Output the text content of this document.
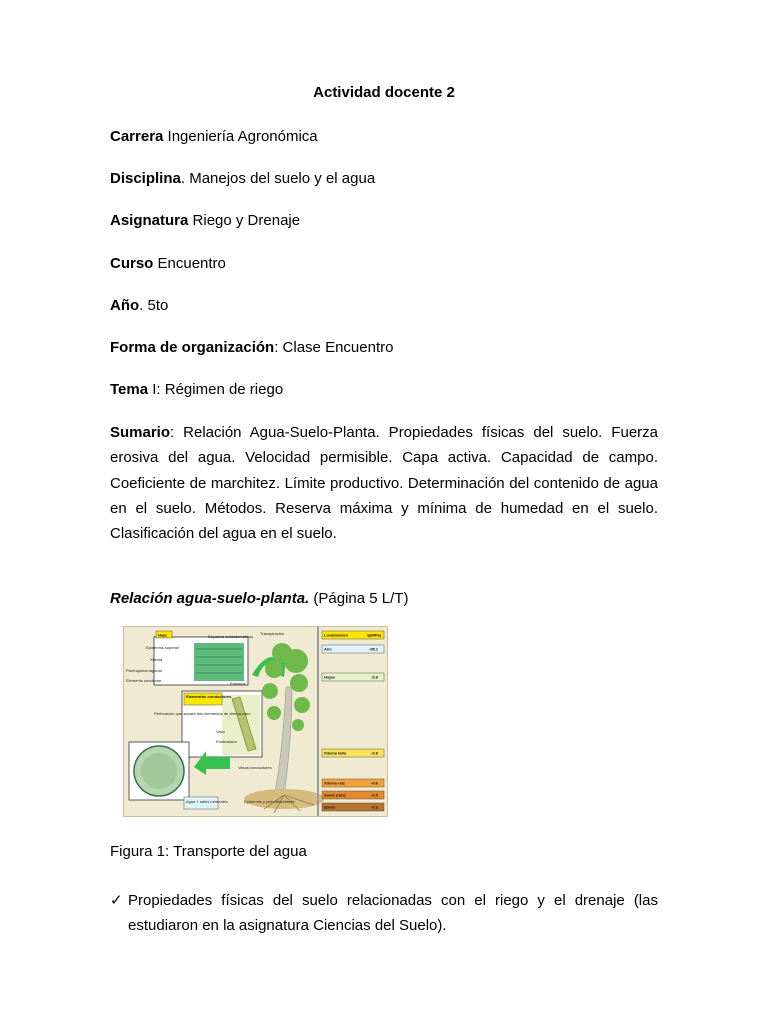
Actividad docente 2
Carrera Ingeniería Agronómica
Disciplina. Manejos del suelo y el agua
Asignatura Riego y Drenaje
Curso Encuentro
Año. 5to
Forma de organización: Clase Encuentro
Tema I: Régimen de riego
Sumario: Relación Agua-Suelo-Planta. Propiedades físicas del suelo. Fuerza erosiva del agua. Velocidad permisible. Capa activa. Capacidad de campo. Coeficiente de marchitez. Límite productivo. Determinación del contenido de agua en el suelo. Métodos. Reserva máxima y mínima de humedad en el suelo. Clasificación del agua en el suelo.
Relación agua-suelo-planta. (Página 5 L/T)
Hoja	Espacios subestomáticos
Transpiración
Epidermis superior
Xilema
Parénquima lagunar
Elemento conductor
Estomas
Elementos conductores
Perforación que separa dos elementos de xilema vaso
Vaso
Punteadura
Vasos conductores
Agua + sales minerales	Epidermis y pelo absorbente
Localización	ψ(MPa)
Aire	-95.1
Hojas	-0.8
Xilema tallo	-0.8
Xilema raíz	-0.6
Suelo (raíz)	-0.5
Suelo	-0.3
Figura 1: Transporte del agua
✓ Propiedades físicas del suelo relacionadas con el riego y el drenaje (las estudiaron en la asignatura Ciencias del Suelo).
